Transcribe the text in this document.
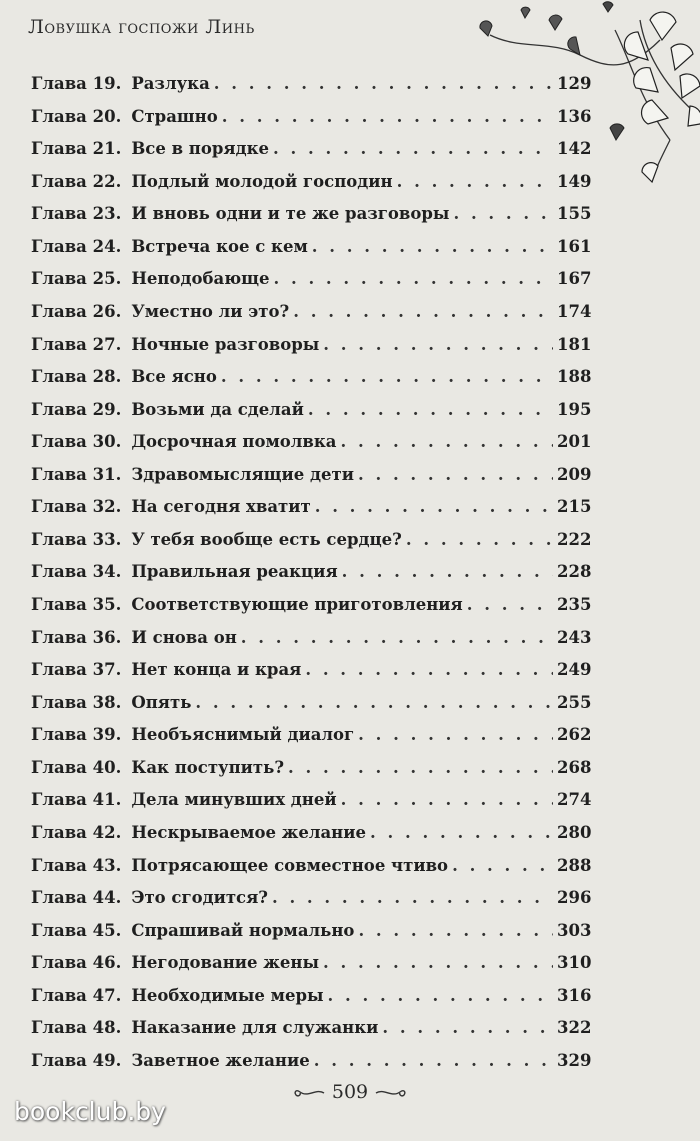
Ловушка госпожи Линь
Глава 19. Разлука . . .	129
Глава 20. Страшно . . .	136
Глава 21. Все в порядке . . .	142
Глава 22. Подлый молодой господин . . .	149
Глава 23. И вновь одни и те же разговоры . . .	155
Глава 24. Встреча кое с кем . . .	161
Глава 25. Неподобающе . . .	167
Глава 26. Уместно ли это? . . .	174
Глава 27. Ночные разговоры . . .	181
Глава 28. Все ясно . . .	188
Глава 29. Возьми да сделай . . .	195
Глава 30. Досрочная помолвка . . .	201
Глава 31. Здравомыслящие дети . . .	209
Глава 32. На сегодня хватит . . .	215
Глава 33. У тебя вообще есть сердце? . . .	222
Глава 34. Правильная реакция . . .	228
Глава 35. Соответствующие приготовления . . .	235
Глава 36. И снова он . . .	243
Глава 37. Нет конца и края . . .	249
Глава 38. Опять . . .	255
Глава 39. Необъяснимый диалог . . .	262
Глава 40. Как поступить? . . .	268
Глава 41. Дела минувших дней . . .	274
Глава 42. Нескрываемое желание . . .	280
Глава 43. Потрясающее совместное чтиво . . .	288
Глава 44. Это сгодится? . . .	296
Глава 45. Спрашивай нормально . . .	303
Глава 46. Негодование жены . . .	310
Глава 47. Необходимые меры . . .	316
Глава 48. Наказание для служанки . . .	322
Глава 49. Заветное желание . . .	329
509
bookclub.by
